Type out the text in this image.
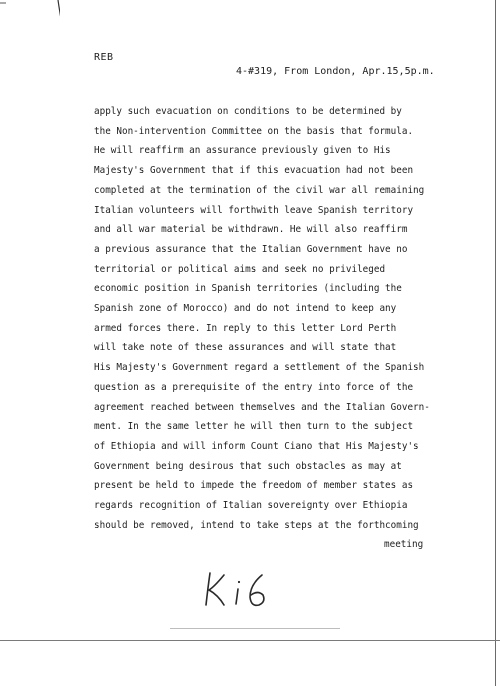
REB
4-#319, From London, Apr.15,5p.m.
apply such evacuation on conditions to be determined by
the Non-intervention Committee on the basis that formula.
He will reaffirm an assurance previously given to His
Majesty's Government that if this evacuation had not been
completed at the termination of the civil war all remaining
Italian volunteers will forthwith leave Spanish territory
and all war material be withdrawn. He will also reaffirm
a previous assurance that the Italian Government have no
territorial or political aims and seek no privileged
economic position in Spanish territories (including the
Spanish zone of Morocco) and do not intend to keep any
armed forces there. In reply to this letter Lord Perth
will take note of these assurances and will state that
His Majesty's Government regard a settlement of the Spanish
question as a prerequisite of the entry into force of the
agreement reached between themselves and the Italian Govern-
ment. In the same letter he will then turn to the subject
of Ethiopia and will inform Count Ciano that His Majesty's
Government being desirous that such obstacles as may at
present be held to impede the freedom of member states as
regards recognition of Italian sovereignty over Ethiopia
should be removed, intend to take steps at the forthcoming
meeting
